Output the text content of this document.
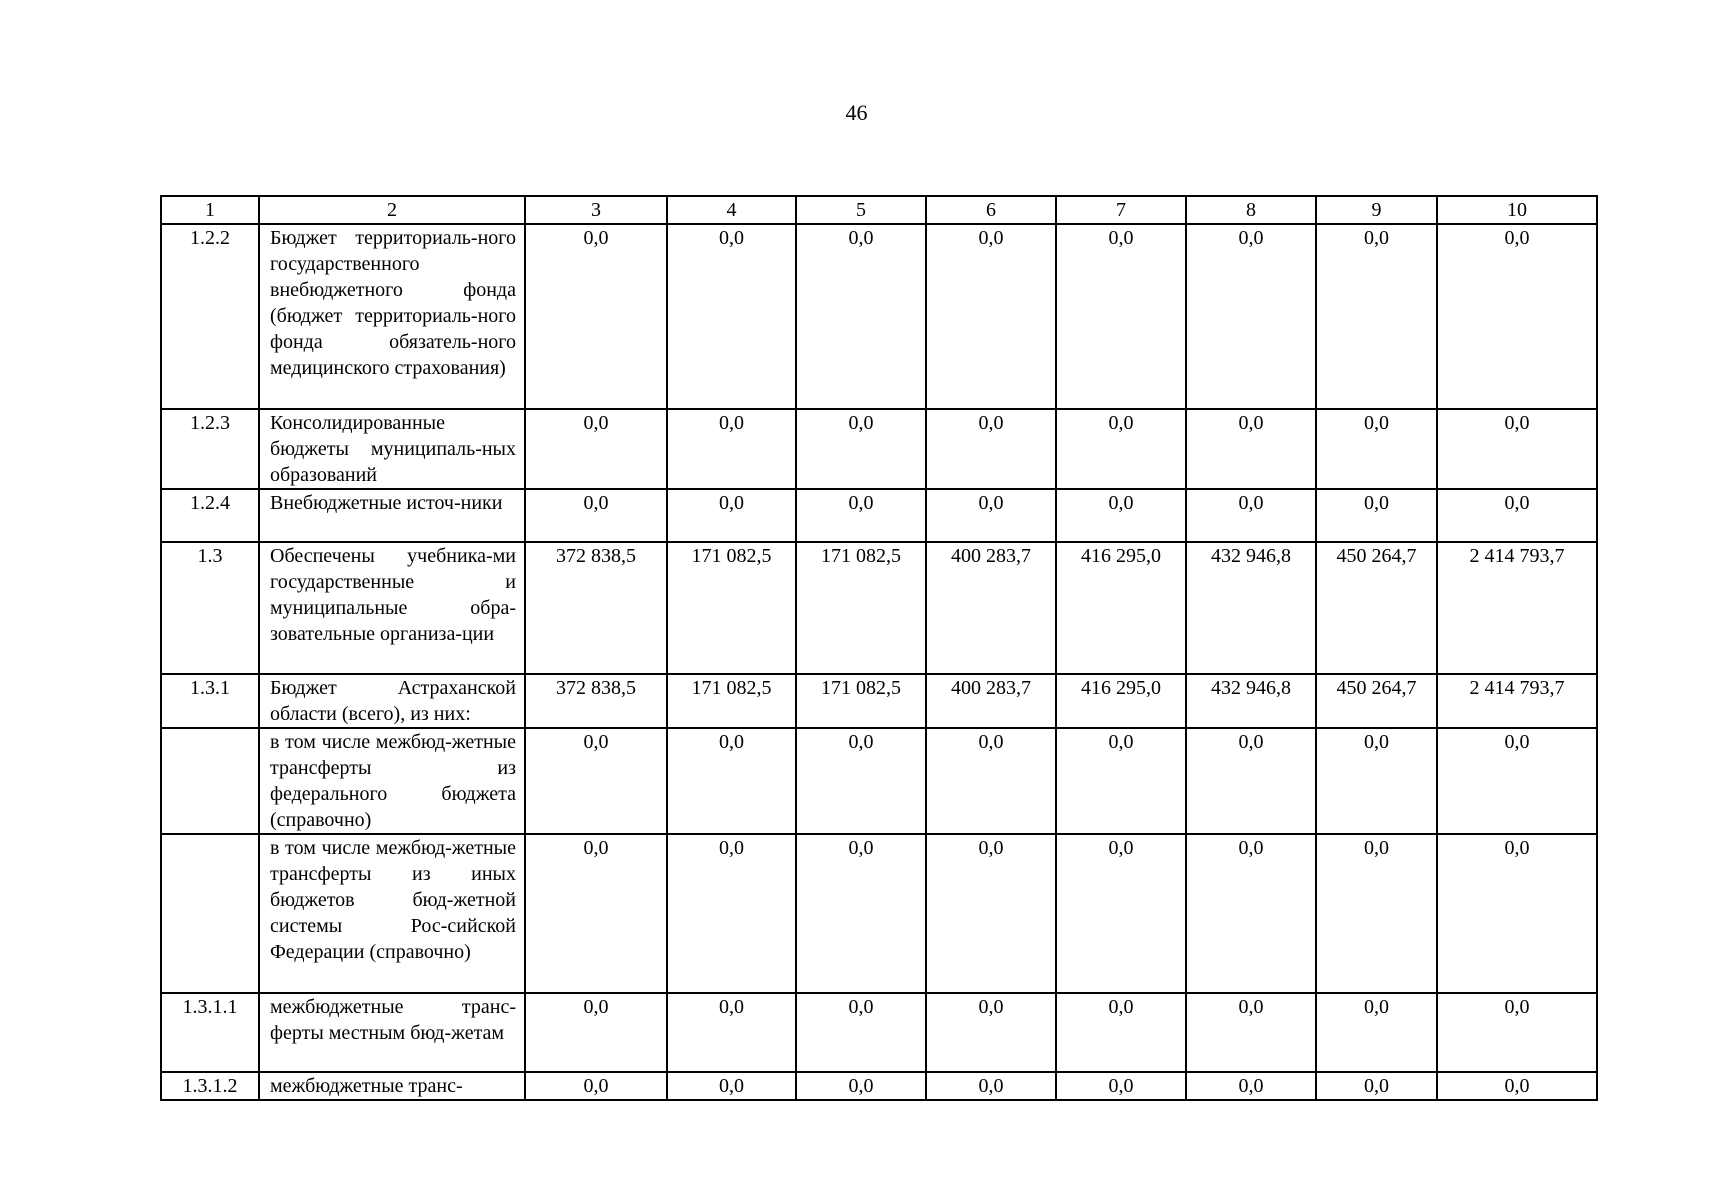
46
1	2	3	4	5	6	7	8	9	10
1.2.2	Бюджет территориаль-ного государственного внебюджетного фонда (бюджет территориаль-ного фонда обязатель-ного медицинского страхования)	0,0	0,0	0,0	0,0	0,0	0,0	0,0	0,0
1.2.3	Консолидированные бюджеты муниципаль-ных образований	0,0	0,0	0,0	0,0	0,0	0,0	0,0	0,0
1.2.4	Внебюджетные источ-ники	0,0	0,0	0,0	0,0	0,0	0,0	0,0	0,0
1.3	Обеспечены учебника-ми государственные и муниципальные обра-зовательные организа-ции	372 838,5	171 082,5	171 082,5	400 283,7	416 295,0	432 946,8	450 264,7	2 414 793,7
1.3.1	Бюджет Астраханской области (всего), из них:	372 838,5	171 082,5	171 082,5	400 283,7	416 295,0	432 946,8	450 264,7	2 414 793,7
	в том числе межбюд-жетные трансферты из федерального бюджета (справочно)	0,0	0,0	0,0	0,0	0,0	0,0	0,0	0,0
	в том числе межбюд-жетные трансферты из иных бюджетов бюд-жетной системы Рос-сийской Федерации (справочно)	0,0	0,0	0,0	0,0	0,0	0,0	0,0	0,0
1.3.1.1	межбюджетные транс-ферты местным бюд-жетам	0,0	0,0	0,0	0,0	0,0	0,0	0,0	0,0
1.3.1.2	межбюджетные транс-	0,0	0,0	0,0	0,0	0,0	0,0	0,0	0,0
